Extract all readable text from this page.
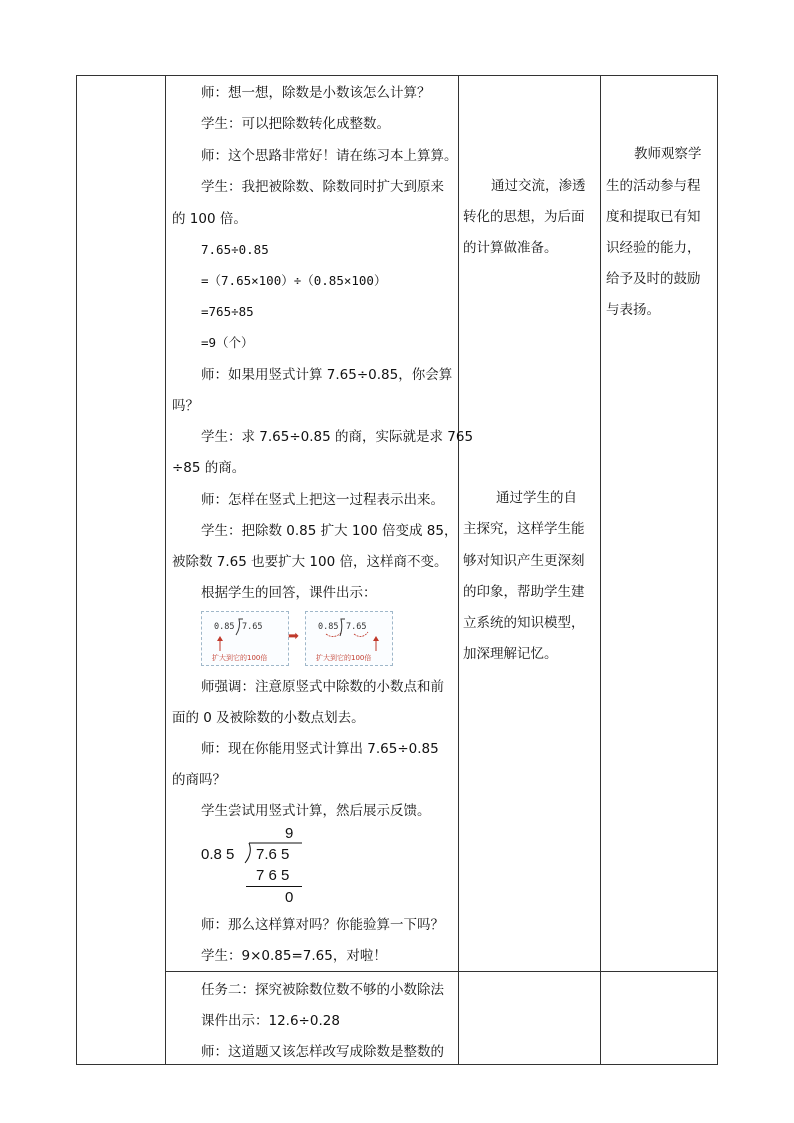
师：想一想，除数是小数该怎么计算？
学生：可以把除数转化成整数。
师：这个思路非常好！请在练习本上算算。
学生：我把被除数、除数同时扩大到原来
的 100 倍。
7.65÷0.85
=（7.65×100）÷（0.85×100）
=765÷85
=9（个）
师：如果用竖式计算 7.65÷0.85，你会算
吗？
学生：求 7.65÷0.85 的商，实际就是求 765
÷85 的商。
师：怎样在竖式上把这一过程表示出来。
学生：把除数 0.85 扩大 100 倍变成 85，
被除数 7.65 也要扩大 100 倍，这样商不变。
根据学生的回答，课件出示：
0.85 7.65
扩大到它的100倍
➡
0.85 7.65
扩大到它的100倍
师强调：注意原竖式中除数的小数点和前
面的 0 及被除数的小数点划去。
师：现在你能用竖式计算出 7.65÷0.85
的商吗？
学生尝试用竖式计算，然后展示反馈。
9
0.8 5 7.6 5
7 6 5
0
师：那么这样算对吗？你能验算一下吗？
学生：9×0.85=7.65，对啦！
任务二：探究被除数位数不够的小数除法
课件出示：12.6÷0.28
师：这道题又该怎样改写成除数是整数的
通过交流，渗透
转化的思想，为后面
的计算做准备。
通过学生的自
主探究，这样学生能
够对知识产生更深刻
的印象，帮助学生建
立系统的知识模型，
加深理解记忆。
教师观察学
生的活动参与程
度和提取已有知
识经验的能力，
给予及时的鼓励
与表扬。
